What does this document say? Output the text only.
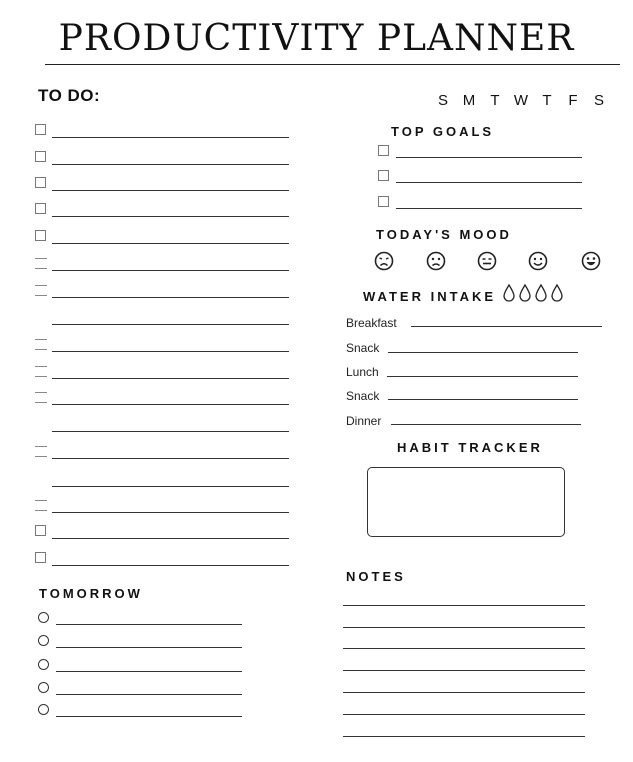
PRODUCTIVITY PLANNER
TO DO:	S M T W T F S
TOP GOALS
TODAY'S MOOD
WATER INTAKE
Breakfast
Snack
Lunch
Snack
Dinner
HABIT TRACKER
TOMORROW
NOTES
